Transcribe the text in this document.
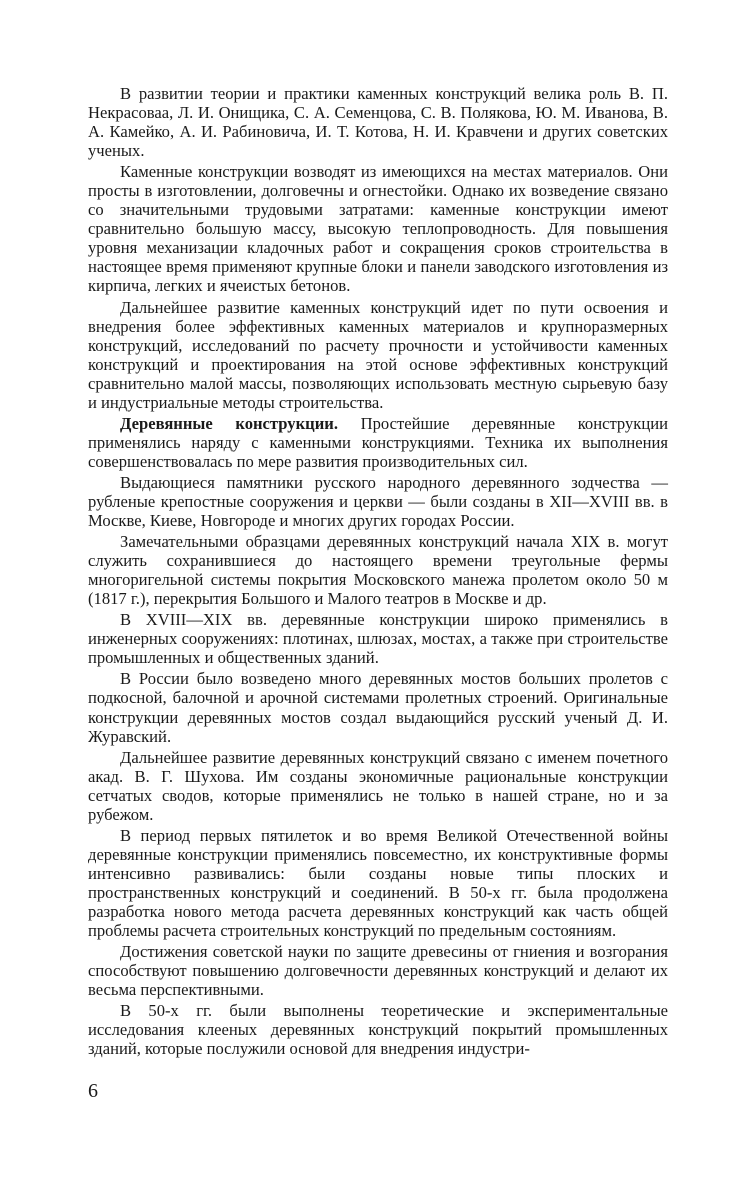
В развитии теории и практики каменных конструкций велика роль В. П. Некрасоваа, Л. И. Онищика, С. А. Семенцова, С. В. Полякова, Ю. М. Иванова, В. А. Камейко, А. И. Рабиновича, И. Т. Котова, Н. И. Кравчени и других советских ученых.

Каменные конструкции возводят из имеющихся на местах материалов. Они просты в изготовлении, долговечны и огнестойки. Однако их возведение связано со значительными трудовыми затратами: каменные конструкции имеют сравнительно большую массу, высокую теплопроводность. Для повышения уровня механизации кладочных работ и сокращения сроков строительства в настоящее время применяют крупные блоки и панели заводского изготовления из кирпича, легких и ячеистых бетонов.

Дальнейшее развитие каменных конструкций идет по пути освоения и внедрения более эффективных каменных материалов и крупноразмерных конструкций, исследований по расчету прочности и устойчивости каменных конструкций и проектирования на этой основе эффективных конструкций сравнительно малой массы, позволяющих использовать местную сырьевую базу и индустриальные методы строительства.

Деревянные конструкции. Простейшие деревянные конструкции применялись наряду с каменными конструкциями. Техника их выполнения совершенствовалась по мере развития производительных сил.

Выдающиеся памятники русского народного деревянного зодчества — рубленые крепостные сооружения и церкви — были созданы в XII—XVIII вв. в Москве, Киеве, Новгороде и многих других городах России.

Замечательными образцами деревянных конструкций начала XIX в. могут служить сохранившиеся до настоящего времени треугольные фермы многоригельной системы покрытия Московского манежа пролетом около 50 м (1817 г.), перекрытия Большого и Малого театров в Москве и др.

В XVIII—XIX вв. деревянные конструкции широко применялись в инженерных сооружениях: плотинах, шлюзах, мостах, а также при строительстве промышленных и общественных зданий.

В России было возведено много деревянных мостов больших пролетов с подкосной, балочной и арочной системами пролетных строений. Оригинальные конструкции деревянных мостов создал выдающийся русский ученый Д. И. Журавский.

Дальнейшее развитие деревянных конструкций связано с именем почетного акад. В. Г. Шухова. Им созданы экономичные рациональные конструкции сетчатых сводов, которые применялись не только в нашей стране, но и за рубежом.

В период первых пятилеток и во время Великой Отечественной войны деревянные конструкции применялись повсеместно, их конструктивные формы интенсивно развивались: были созданы новые типы плоских и пространственных конструкций и соединений. В 50-х гг. была продолжена разработка нового метода расчета деревянных конструкций как часть общей проблемы расчета строительных конструкций по предельным состояниям.

Достижения советской науки по защите древесины от гниения и возгорания способствуют повышению долговечности деревянных конструкций и делают их весьма перспективными.

В 50-х гг. были выполнены теоретические и экспериментальные исследования клееных деревянных конструкций покрытий промышленных зданий, которые послужили основой для внедрения индустри-

6
